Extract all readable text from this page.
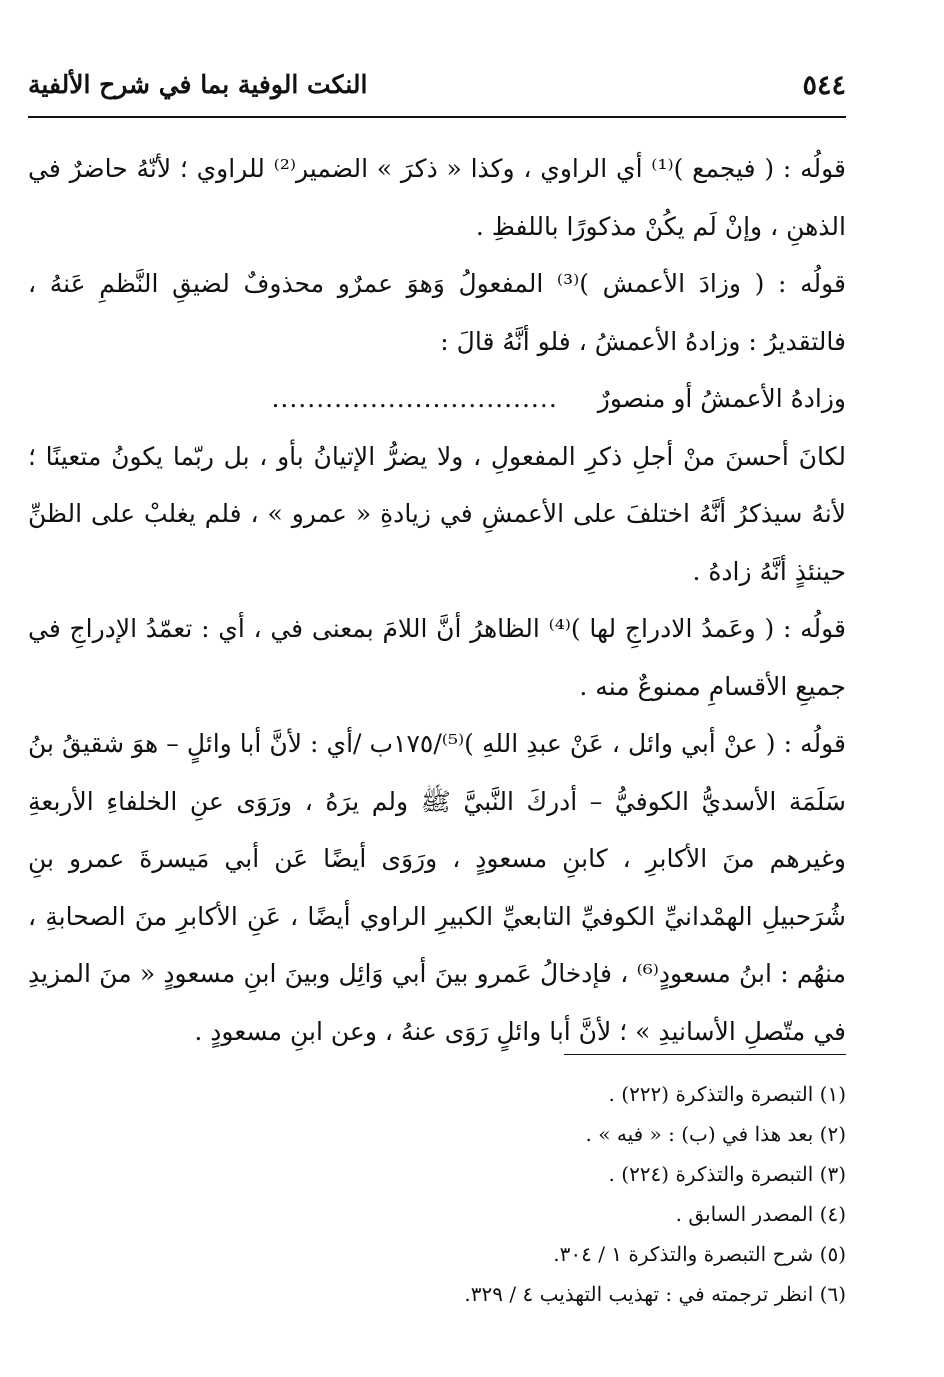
٥٤٤
النكت الوفية بما في شرح الألفية

قولُه : ( فيجمع )⁽¹⁾ أي الراوي ، وكذا « ذكرَ » الضمير⁽²⁾ للراوي ؛ لأنّهُ حاضرٌ في الذهنِ ، وإنْ لَم يكُنْ مذكورًا باللفظِ .

قولُه : ( وزادَ الأعمش )⁽³⁾ المفعولُ وَهوَ عمرٌو محذوفٌ لضيقِ النَّظمِ عَنهُ ، فالتقديرُ : وزادهُ الأعمشُ ، فلو أنَّهُ قالَ :

وزادهُ الأعمشُ أو منصورٌ
................................

لكانَ أحسنَ منْ أجلِ ذكرِ المفعولِ ، ولا يضرُّ الإتيانُ بأو ، بل ربّما يكونُ متعينًا ؛ لأنهُ سيذكرُ أنَّهُ اختلفَ على الأعمشِ في زيادةِ « عمرو » ، فلم يغلبْ على الظنِّ حينئذٍ أنَّهُ زادهُ .

قولُه : ( وعَمدُ الادراجِ لها )⁽⁴⁾ الظاهرُ أنَّ اللامَ بمعنى في ، أي : تعمّدُ الإدراجِ في جميعِ الأقسامِ ممنوعٌ منه .

قولُه : ( عنْ أبي وائل ، عَنْ عبدِ اللهِ )⁽⁵⁾/١٧٥ب /أي : لأنَّ أبا وائلٍ – هوَ شقيقُ بنُ سَلَمَة الأسديُّ الكوفيُّ – أدركَ النَّبيَّ ﷺ ولم يرَهُ ، ورَوَى عنِ الخلفاءِ الأربعةِ وغيرهم منَ الأكابرِ ، كابنِ مسعودٍ ، ورَوَى أيضًا عَن أبي مَيسرةَ عمرو بنِ شُرَحبيلِ الهمْدانيِّ الكوفيِّ التابعيِّ الكبيرِ الراوي أيضًا ، عَنِ الأكابرِ منَ الصحابةِ ، منهُم : ابنُ مسعودٍ⁽⁶⁾ ، فإدخالُ عَمرو بينَ أبي وَائِل وبينَ ابنِ مسعودٍ « منَ المزيدِ في متّصلِ الأسانيدِ » ؛ لأنَّ أبا وائلٍ رَوَى عنهُ ، وعن ابنِ مسعودٍ .

(١) التبصرة والتذكرة (٢٢٢) .

(٢) بعد هذا في (ب) : « فيه » .

(٣) التبصرة والتذكرة (٢٢٤) .

(٤) المصدر السابق .

(٥) شرح التبصرة والتذكرة ١ / ٣٠٤.

(٦) انظر ترجمته في : تهذيب التهذيب ٤ / ٣٢٩.
